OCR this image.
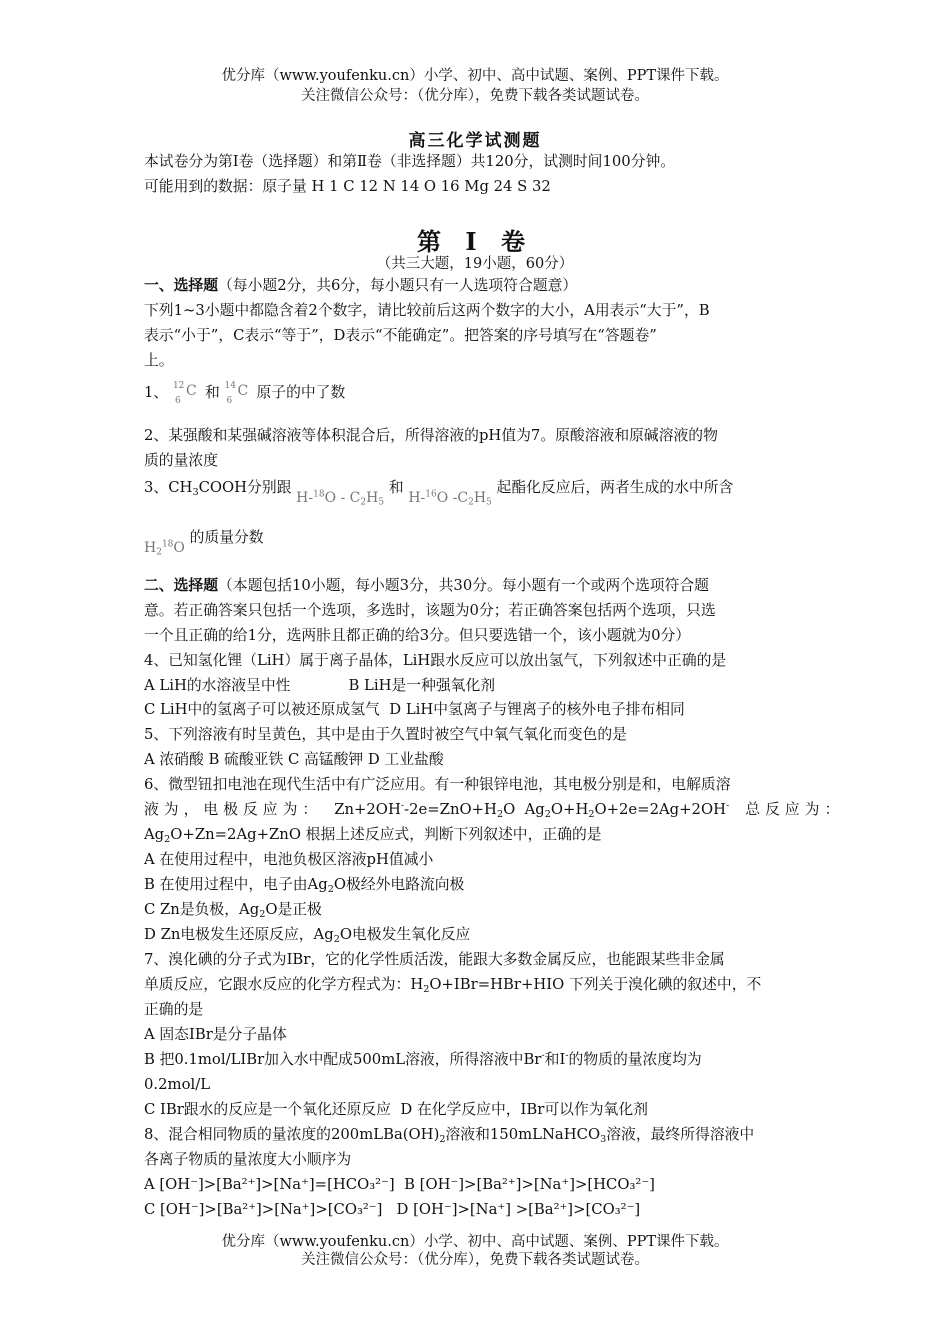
优分库（www.youfenku.cn）小学、初中、高中试题、案例、PPT课件下载。
关注微信公众号：（优分库），免费下载各类试题试卷。
高三化学试测题
本试卷分为第Ⅰ卷（选择题）和第Ⅱ卷（非选择题）共120分，试测时间100分钟。
可能用到的数据：原子量 H 1 C 12 N 14 O 16 Mg 24 S 32
第 Ⅰ 卷
（共三大题，19小题，60分）
一、选择题（每小题2分，共6分，每小题只有一人选项符合题意）
下列1~3小题中都隐含着2个数字，请比较前后这两个数字的大小，A用表示“大于”，B
表示“小于”，C表示“等于”，D表示“不能确定”。把答案的序号填写在“答题卷”
上。
1、 12
6
C 和 14
6
C 原子的中了数
2、某强酸和某强碱溶液等体积混合后，所得溶液的pH值为7。原酸溶液和原碱溶液的物
质的量浓度
3、$CH_3COOH$分别跟 $H-^{18}O - C_2H_5$ 和 H-$^{16}$O $-C_2H_5$ 起酯化反应后，两者生成的水中所含
$H_2^{18}O$ 的质量分数
二、选择题（本题包括10小题，每小题3分，共30分。每小题有一个或两个选项符合题
意。若正确答案只包括一个选项，多选时，该题为0分；若正确答案包括两个选项，只选
一个且正确的给1分，选两胩且都正确的给3分。但只要选错一个，该小题就为0分）
4、已知氢化锂（LiH）属于离子晶体，LiH跟水反应可以放出氢气，下列叙述中正确的是
A LiH的水溶液呈中性	B LiH是一种强氧化剂
C LiH中的氢离子可以被还原成氢气 D LiH中氢离子与锂离子的核外电子排布相同
5、下列溶液有时呈黄色，其中是由于久置时被空气中氧气氧化而变色的是
A 浓硝酸 B 硫酸亚铁 C 高锰酸钾 D 工业盐酸
6、微型钮扣电池在现代生活中有广泛应用。有一种银锌电池，其电极分别是和，电解质溶
液为，电极反应为： $Zn+2OH^--2e=ZnO+H_2O$ $Ag_2O+H_2O+2e=2Ag+2OH^-$ 总反应为：
$Ag_2O+Zn=2Ag+ZnO$ 根据上述反应式，判断下列叙述中，正确的是
A 在使用过程中，电池负极区溶液pH值减小
B 在使用过程中，电子由$Ag_2O$极经外电路流向极
C Zn是负极，$Ag_2O$是正极
D Zn电极发生还原反应，$Ag_2O$电极发生氧化反应
7、溴化碘的分子式为IBr，它的化学性质活泼，能跟大多数金属反应，也能跟某些非金属
单质反应，它跟水反应的化学方程式为：$H_2O+IBr=HBr+HIO$ 下列关于溴化碘的叙述中，不
正确的是
A 固态IBr是分子晶体
B 把0.1mol/LIBr加入水中配成500mL溶液，所得溶液中Br-和I-的物质的量浓度均为
0.2mol/L
C IBr跟水的反应是一个氧化还原反应 D 在化学反应中，IBr可以作为氧化剂
8、混合相同物质的量浓度的$200mLBa(OH)_2$溶液和150mLNaHCO$_3$溶液，最终所得溶液中
各离子物质的量浓度大小顺序为
A [OH⁻]>[Ba²⁺]>[Na⁺]=[HCO₃²⁻] B [OH⁻]>[Ba²⁺]>[Na⁺]>[HCO₃²⁻]
C [OH⁻]>[Ba²⁺]>[Na⁺]>[CO₃²⁻] D [OH⁻]>[Na⁺] >[Ba²⁺]>[CO₃²⁻]
优分库（www.youfenku.cn）小学、初中、高中试题、案例、PPT课件下载。
关注微信公众号：（优分库），免费下载各类试题试卷。
